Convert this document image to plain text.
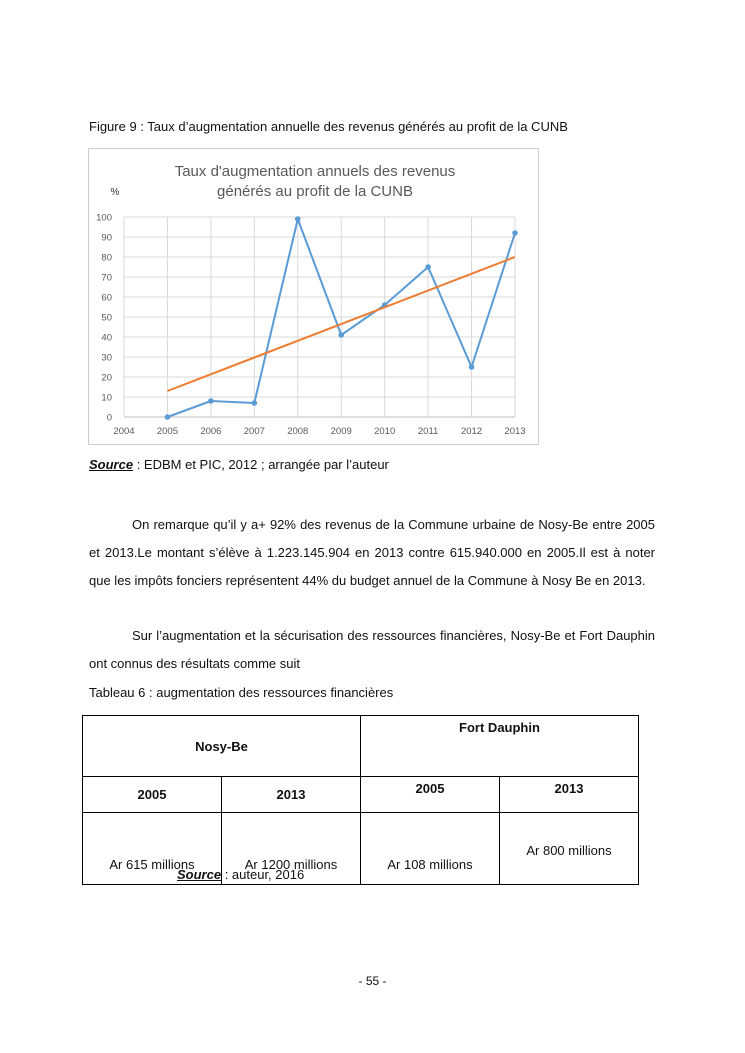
Figure 9 : Taux d’augmentation annuelle des revenus générés au profit de la CUNB
Taux d'augmentation annuels des revenus
générés au profit de la CUNB
%
0
10
20
30
40
50
60
70
80
90
100
2004 2005 2006 2007 2008 2009 2010 2011 2012 2013
Source : EDBM et PIC, 2012 ; arrangée par l’auteur
On remarque qu’il y a+ 92% des revenus de la Commune urbaine de Nosy-Be entre 2005 et 2013.Le montant s’élève à 1.223.145.904 en 2013 contre 615.940.000 en 2005.Il est à noter que les impôts fonciers représentent 44% du budget annuel de la Commune à Nosy Be en 2013.
Sur l’augmentation et la sécurisation des ressources financières, Nosy-Be et Fort Dauphin ont connus des résultats comme suit
Tableau 6 : augmentation des ressources financières
Nosy-Be		Fort Dauphin	
2005	2013	2005	2013
Ar 615 millions	Ar 1200 millions	Ar 108 millions	Ar 800 millions
Source : auteur, 2016
- 55 -
